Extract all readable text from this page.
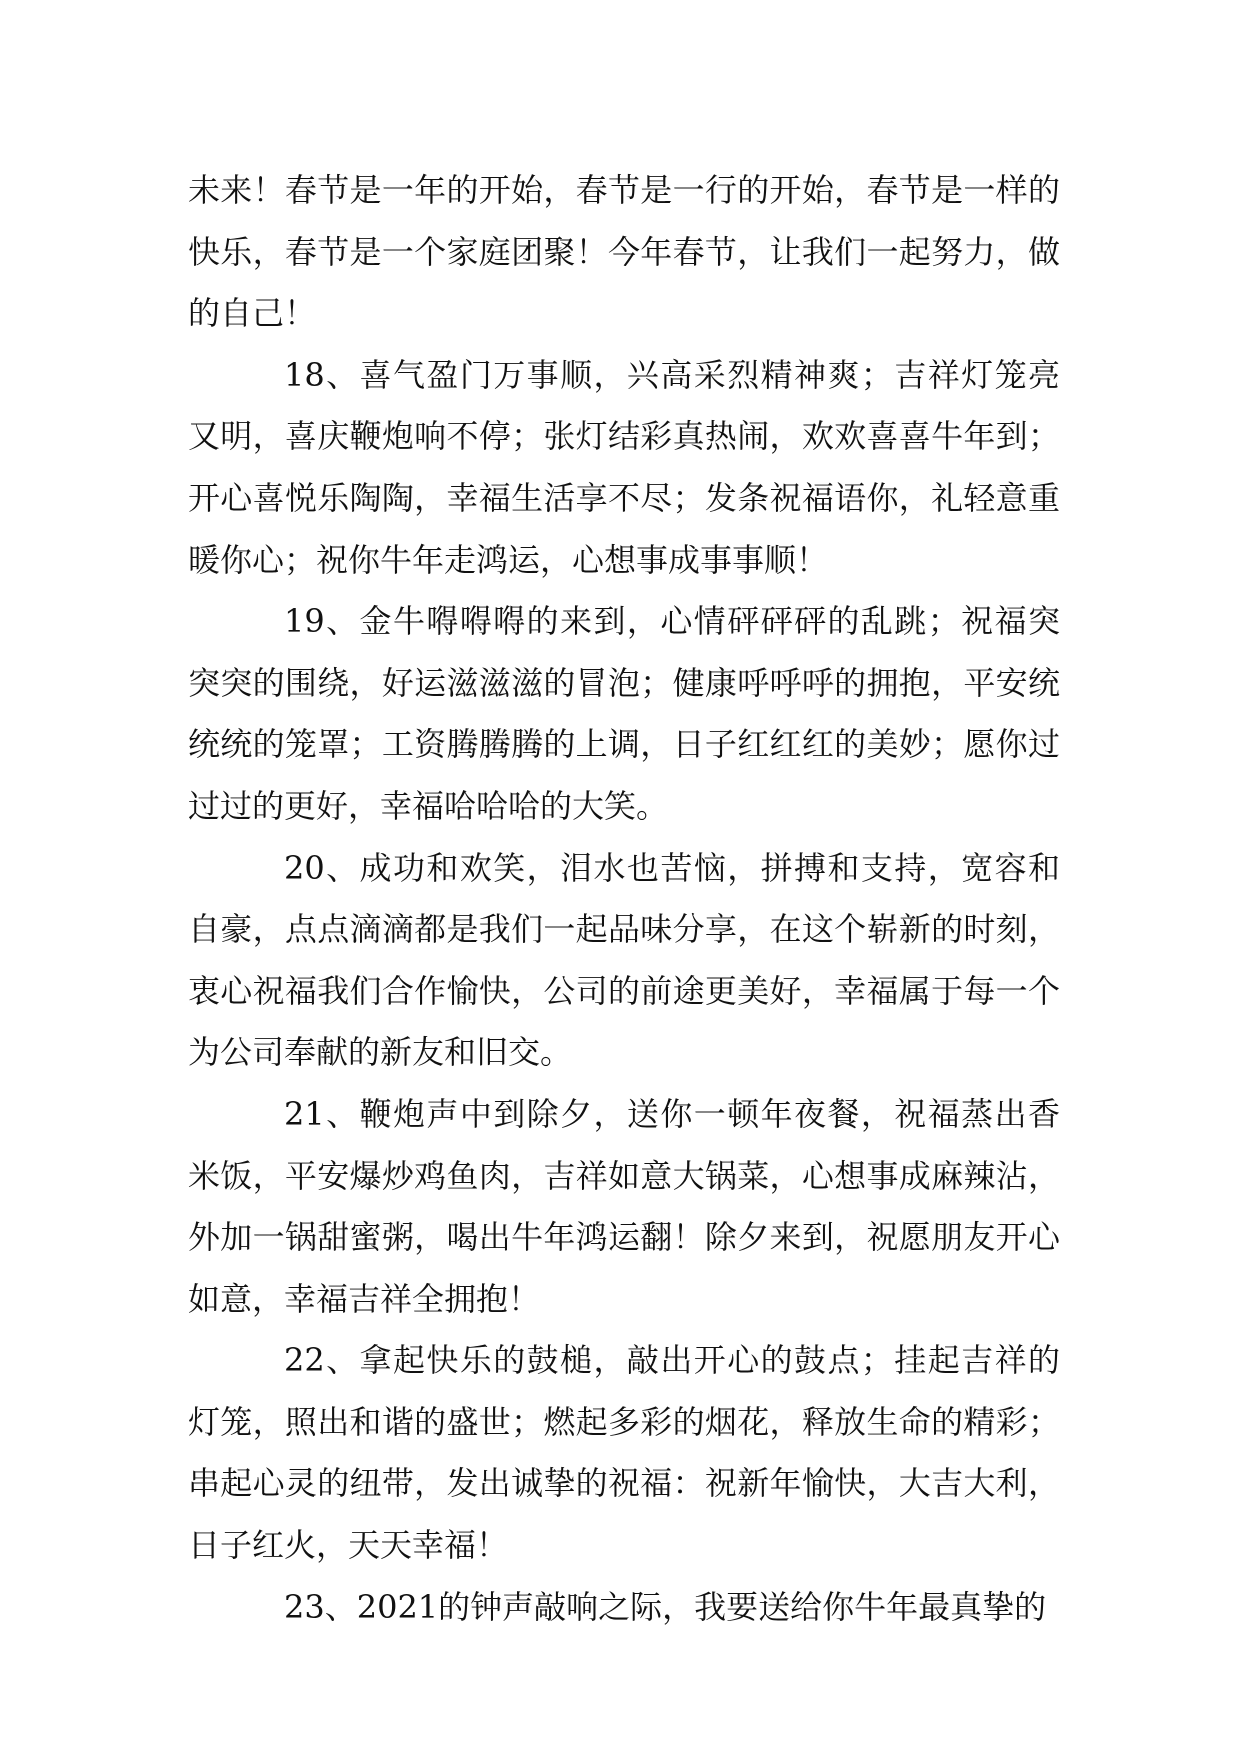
未来！春节是一年的开始，春节是一行的开始，春节是一样的快乐，春节是一个家庭团聚！今年春节，让我们一起努力，做的自己！

18、喜气盈门万事顺，兴高采烈精神爽；吉祥灯笼亮又明，喜庆鞭炮响不停；张灯结彩真热闹，欢欢喜喜牛年到；开心喜悦乐陶陶，幸福生活享不尽；发条祝福语你，礼轻意重暖你心；祝你牛年走鸿运，心想事成事事顺！

19、金牛嘚嘚嘚的来到，心情砰砰砰的乱跳；祝福突突突的围绕，好运滋滋滋的冒泡；健康呼呼呼的拥抱，平安统统统的笼罩；工资腾腾腾的上调，日子红红红的美妙；愿你过过过的更好，幸福哈哈哈的大笑。

20、成功和欢笑，泪水也苦恼，拼搏和支持，宽容和自豪，点点滴滴都是我们一起品味分享，在这个崭新的时刻，衷心祝福我们合作愉快，公司的前途更美好，幸福属于每一个为公司奉献的新友和旧交。

21、鞭炮声中到除夕，送你一顿年夜餐，祝福蒸出香米饭，平安爆炒鸡鱼肉，吉祥如意大锅菜，心想事成麻辣沾，外加一锅甜蜜粥，喝出牛年鸿运翻！除夕来到，祝愿朋友开心如意，幸福吉祥全拥抱！

22、拿起快乐的鼓槌，敲出开心的鼓点；挂起吉祥的灯笼，照出和谐的盛世；燃起多彩的烟花，释放生命的精彩；串起心灵的纽带，发出诚挚的祝福：祝新年愉快，大吉大利，日子红火，天天幸福！

23、2021的钟声敲响之际，我要送给你牛年最真挚的
